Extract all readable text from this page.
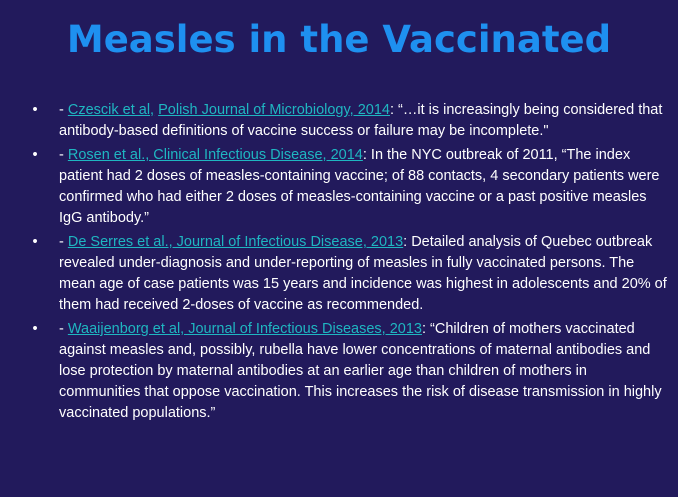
Measles in the Vaccinated
•	- Czescik et al, Polish Journal of Microbiology, 2014: “…it is increasingly being considered that antibody-based definitions of vaccine success or failure may be incomplete."
•	- Rosen et al., Clinical Infectious Disease, 2014: In the NYC outbreak of 2011, “The index patient had 2 doses of measles-containing vaccine; of 88 contacts, 4 secondary patients were confirmed who had either 2 doses of measles-containing vaccine or a past positive measles IgG antibody.”
•	- De Serres et al., Journal of Infectious Disease, 2013: Detailed analysis of Quebec outbreak revealed under-diagnosis and under-reporting of measles in fully vaccinated persons. The mean age of case patients was 15 years and incidence was highest in adolescents and 20% of them had received 2-doses of vaccine as recommended.
•	- Waaijenborg et al, Journal of Infectious Diseases, 2013: “Children of mothers vaccinated against measles and, possibly, rubella have lower concentrations of maternal antibodies and lose protection by maternal antibodies at an earlier age than children of mothers in communities that oppose vaccination. This increases the risk of disease transmission in highly vaccinated populations.”
